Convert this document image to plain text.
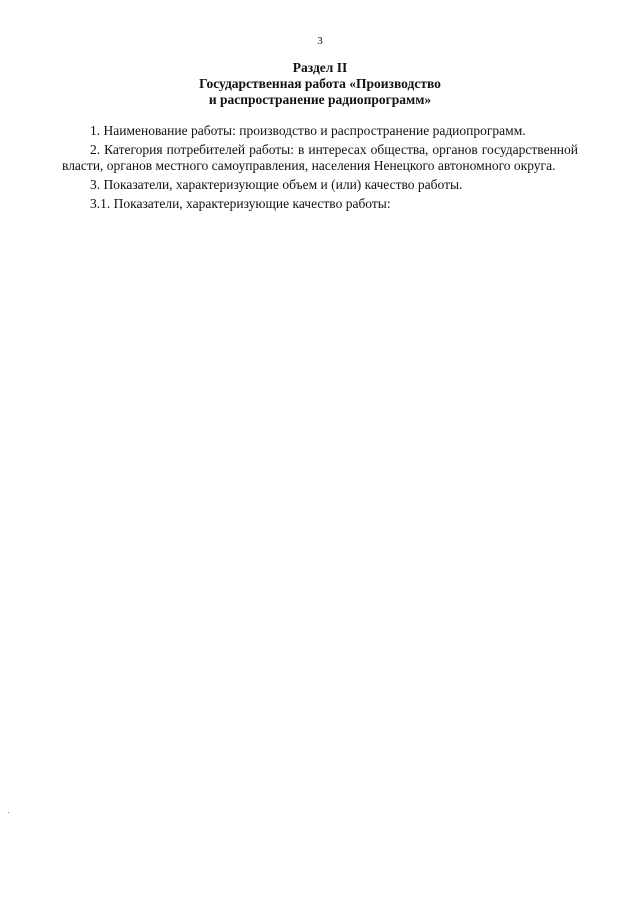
3
Раздел II
Государственная работа «Производство
и распространение радиопрограмм»

1. Наименование работы: производство и распространение радиопрограмм.

2. Категория потребителей работы: в интересах общества, органов государственной власти, органов местного самоуправления, населения Ненецкого автономного округа.

3. Показатели, характеризующие объем и (или) качество работы.

3.1. Показатели, характеризующие качество работы:
